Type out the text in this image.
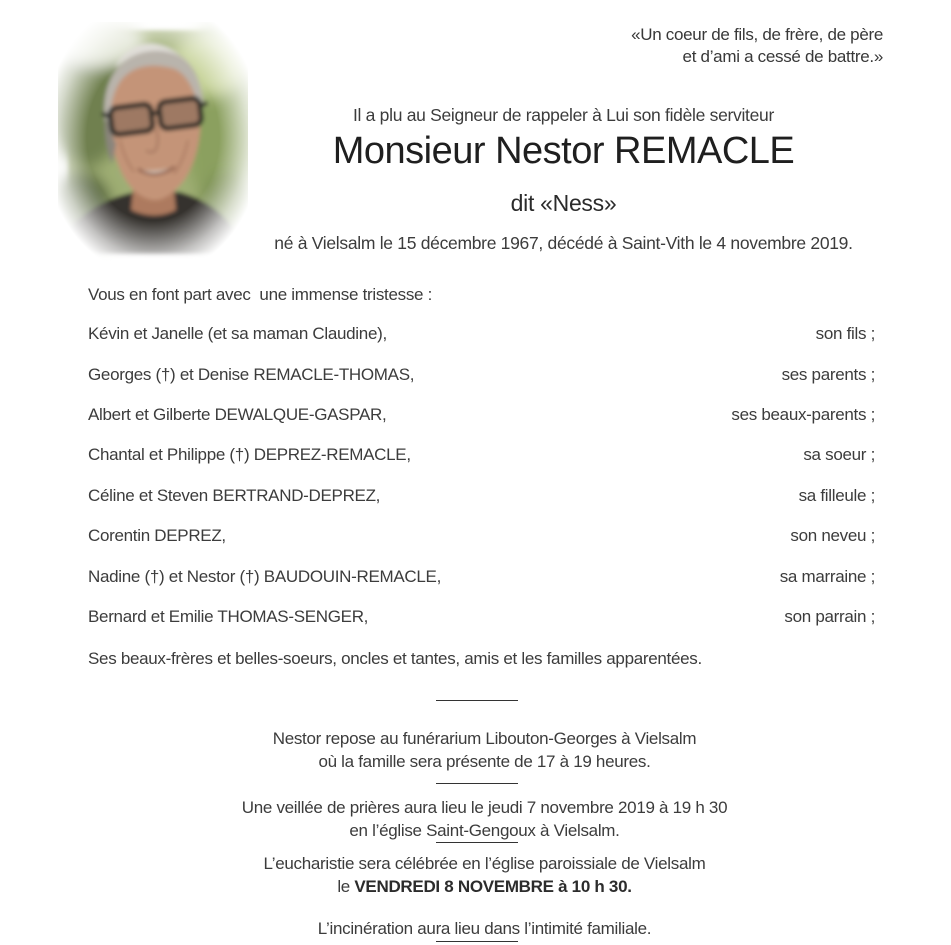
«Un coeur de fils, de frère, de père
et d’ami a cessé de battre.»
Il a plu au Seigneur de rappeler à Lui son fidèle serviteur
Monsieur Nestor REMACLE
dit «Ness»
né à Vielsalm le 15 décembre 1967, décédé à Saint-Vith le 4 novembre 2019.
Vous en font part avec  une immense tristesse :
Kévin et Janelle (et sa maman Claudine),	son fils ;
Georges (†) et Denise REMACLE-THOMAS,	ses parents ;
Albert et Gilberte DEWALQUE-GASPAR,	ses beaux-parents ;
Chantal et Philippe (†) DEPREZ-REMACLE,	sa soeur ;
Céline et Steven BERTRAND-DEPREZ,	sa filleule ;
Corentin DEPREZ,	son neveu ;
Nadine (†) et Nestor (†) BAUDOUIN-REMACLE,	sa marraine ;
Bernard et Emilie THOMAS-SENGER,	son parrain ;
Ses beaux-frères et belles-soeurs, oncles et tantes, amis et les familles apparentées.
Nestor repose au funérarium Libouton-Georges à Vielsalm
où la famille sera présente de 17 à 19 heures.
Une veillée de prières aura lieu le jeudi 7 novembre 2019 à 19 h 30
en l’église Saint-Gengoux à Vielsalm.
L’eucharistie sera célébrée en l’église paroissiale de Vielsalm
le VENDREDI 8 NOVEMBRE à 10 h 30.
L’incinération aura lieu dans l’intimité familiale.
